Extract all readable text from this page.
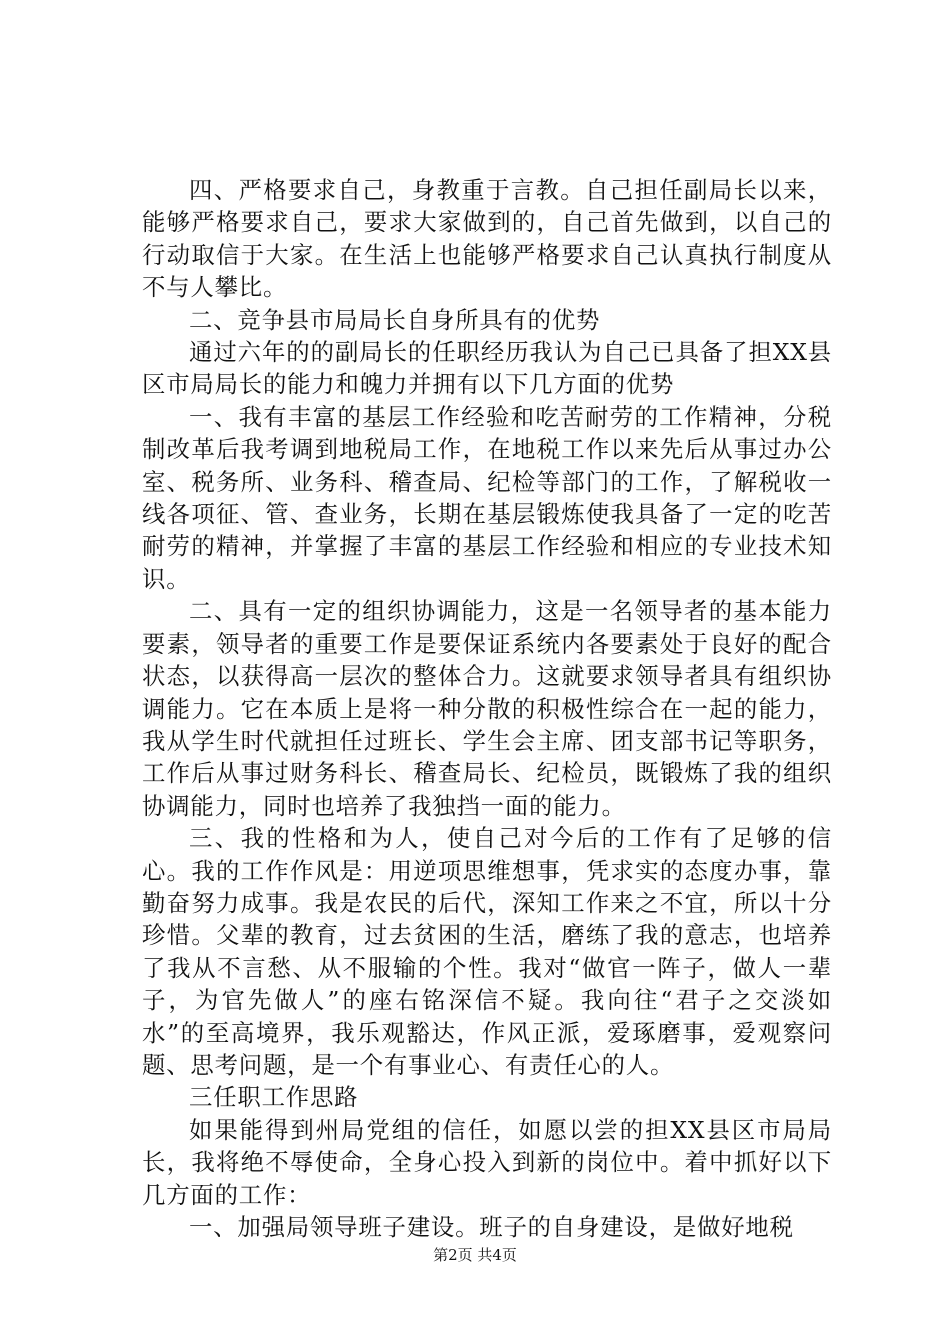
四、严格要求自己，身教重于言教。自己担任副局长以来，能够严格要求自己，要求大家做到的，自己首先做到，以自己的行动取信于大家。在生活上也能够严格要求自己认真执行制度从不与人攀比。

二、竞争县市局局长自身所具有的优势

通过六年的的副局长的任职经历我认为自己已具备了担XX县区市局局长的能力和魄力并拥有以下几方面的优势

一、我有丰富的基层工作经验和吃苦耐劳的工作精神，分税制改革后我考调到地税局工作，在地税工作以来先后从事过办公室、税务所、业务科、稽查局、纪检等部门的工作，了解税收一线各项征、管、查业务，长期在基层锻炼使我具备了一定的吃苦耐劳的精神，并掌握了丰富的基层工作经验和相应的专业技术知识。

二、具有一定的组织协调能力，这是一名领导者的基本能力要素，领导者的重要工作是要保证系统内各要素处于良好的配合状态，以获得高一层次的整体合力。这就要求领导者具有组织协调能力。它在本质上是将一种分散的积极性综合在一起的能力，我从学生时代就担任过班长、学生会主席、团支部书记等职务，工作后从事过财务科长、稽查局长、纪检员，既锻炼了我的组织协调能力，同时也培养了我独挡一面的能力。

三、我的性格和为人，使自己对今后的工作有了足够的信心。我的工作作风是：用逆项思维想事，凭求实的态度办事，靠勤奋努力成事。我是农民的后代，深知工作来之不宜，所以十分珍惜。父辈的教育，过去贫困的生活，磨练了我的意志，也培养了我从不言愁、从不服输的个性。我对“做官一阵子，做人一辈子，为官先做人”的座右铭深信不疑。我向往“君子之交淡如水”的至高境界，我乐观豁达，作风正派，爱琢磨事，爱观察问题、思考问题，是一个有事业心、有责任心的人。

三任职工作思路

如果能得到州局党组的信任，如愿以尝的担XX县区市局局长，我将绝不辱使命，全身心投入到新的岗位中。着中抓好以下几方面的工作：

一、加强局领导班子建设。班子的自身建设，是做好地税

第2页 共4页
